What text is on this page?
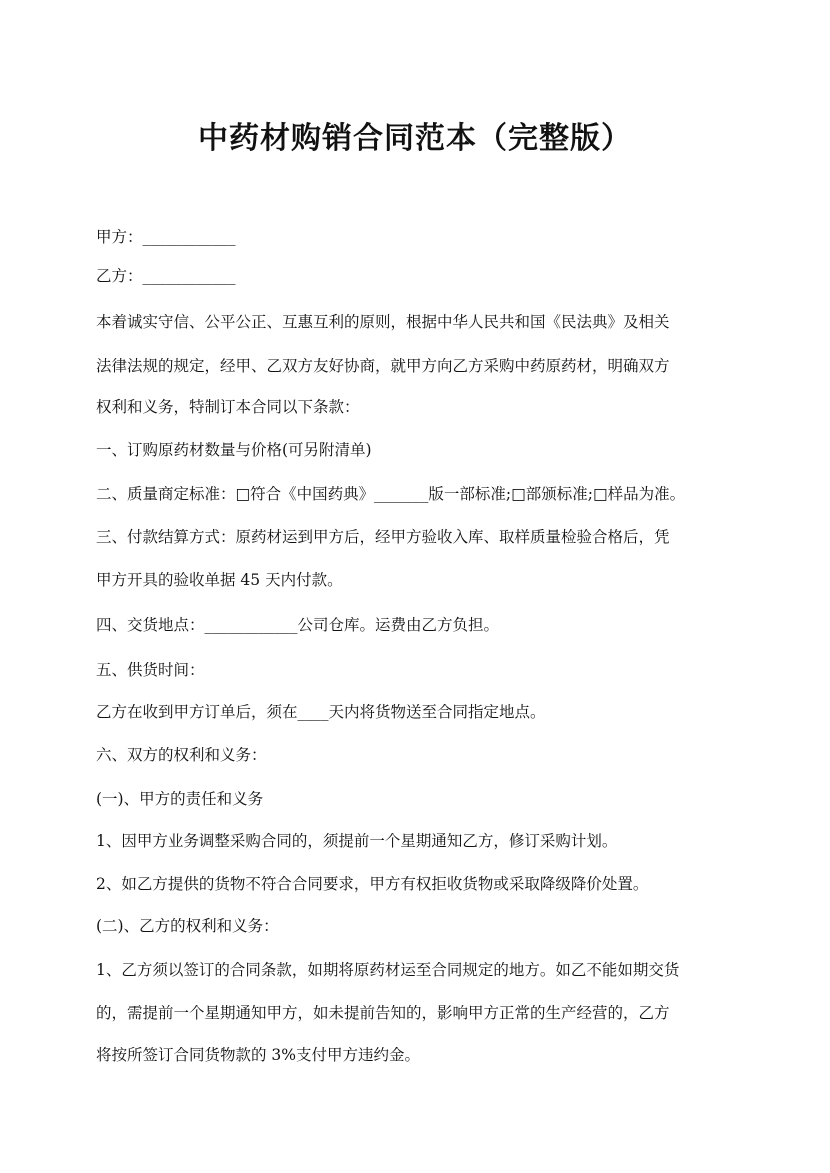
中药材购销合同范本（完整版）
甲方：____________
乙方：____________
本着诚实守信、公平公正、互惠互利的原则，根据中华人民共和国《民法典》及相关
法律法规的规定，经甲、乙双方友好协商，就甲方向乙方采购中药原药材，明确双方
权利和义务，特制订本合同以下条款：
一、订购原药材数量与价格(可另附清单)
二、质量商定标准：□符合《中国药典》_______版一部标准;□部颁标准;□样品为准。
三、付款结算方式：原药材运到甲方后，经甲方验收入库、取样质量检验合格后，凭
甲方开具的验收单据 45 天内付款。
四、交货地点：____________公司仓库。运费由乙方负担。
五、供货时间：
乙方在收到甲方订单后，须在____天内将货物送至合同指定地点。
六、双方的权利和义务：
(一)、甲方的责任和义务
1、因甲方业务调整采购合同的，须提前一个星期通知乙方，修订采购计划。
2、如乙方提供的货物不符合合同要求，甲方有权拒收货物或采取降级降价处置。
(二)、乙方的权利和义务：
1、乙方须以签订的合同条款，如期将原药材运至合同规定的地方。如乙不能如期交货
的，需提前一个星期通知甲方，如未提前告知的，影响甲方正常的生产经营的，乙方
将按所签订合同货物款的 3%支付甲方违约金。
